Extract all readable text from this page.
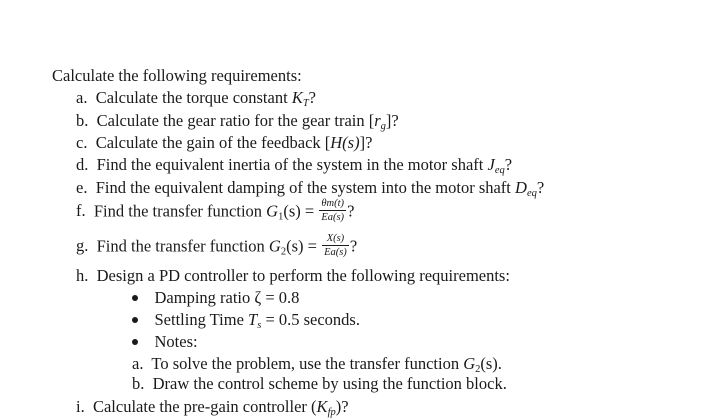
Calculate the following requirements:
a. Calculate the torque constant $K_T$?
b. Calculate the gear ratio for the gear train $[r_g]$?
c. Calculate the gain of the feedback [H(s)]?
d. Find the equivalent inertia of the system in the motor shaft $J_{eq}$?
e. Find the equivalent damping of the system into the motor shaft $D_{eq}$?
f. Find the transfer function $G_1(s) = \frac{\theta m(t)}{Ea(s)}$ ?
g. Find the transfer function $G_2(s) = \frac{X(s)}{Ea(s)}$ ?
h. Design a PD controller to perform the following requirements:
Damping ratio ζ = 0.8
Settling Time $T_s = 0.5$ seconds.
Notes:
a. To solve the problem, use the transfer function $G_2(s)$.
b. Draw the control scheme by using the function block.
i. Calculate the pre-gain controller $(K_{fp})$?
